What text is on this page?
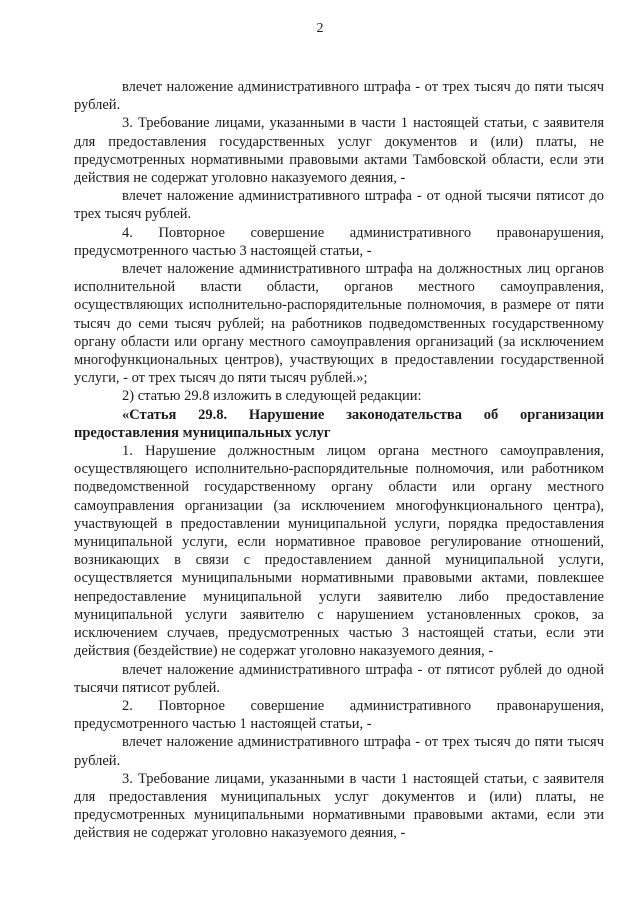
2

влечет наложение административного штрафа - от трех тысяч до пяти тысяч рублей.

3. Требование лицами, указанными в части 1 настоящей статьи, с заявителя для предоставления государственных услуг документов и (или) платы, не предусмотренных нормативными правовыми актами Тамбовской области, если эти действия не содержат уголовно наказуемого деяния, -

влечет наложение административного штрафа - от одной тысячи пятисот до трех тысяч рублей.

4. Повторное совершение административного правонарушения, предусмотренного частью 3 настоящей статьи, -

влечет наложение административного штрафа на должностных лиц органов исполнительной власти области, органов местного самоуправления, осуществляющих исполнительно-распорядительные полномочия, в размере от пяти тысяч до семи тысяч рублей; на работников подведомственных государственному органу области или органу местного самоуправления организаций (за исключением многофункциональных центров), участвующих в предоставлении государственной услуги, - от трех тысяч до пяти тысяч рублей.»;

2) статью 29.8 изложить в следующей редакции:

«Статья 29.8. Нарушение законодательства об организации предоставления муниципальных услуг

1. Нарушение должностным лицом органа местного самоуправления, осуществляющего исполнительно-распорядительные полномочия, или работником подведомственной государственному органу области или органу местного самоуправления организации (за исключением многофункционального центра), участвующей в предоставлении муниципальной услуги, порядка предоставления муниципальной услуги, если нормативное правовое регулирование отношений, возникающих в связи с предоставлением данной муниципальной услуги, осуществляется муниципальными нормативными правовыми актами, повлекшее непредоставление муниципальной услуги заявителю либо предоставление муниципальной услуги заявителю с нарушением установленных сроков, за исключением случаев, предусмотренных частью 3 настоящей статьи, если эти действия (бездействие) не содержат уголовно наказуемого деяния, -

влечет наложение административного штрафа - от пятисот рублей до одной тысячи пятисот рублей.

2. Повторное совершение административного правонарушения, предусмотренного частью 1 настоящей статьи, -

влечет наложение административного штрафа - от трех тысяч до пяти тысяч рублей.

3. Требование лицами, указанными в части 1 настоящей статьи, с заявителя для предоставления муниципальных услуг документов и (или) платы, не предусмотренных муниципальными нормативными правовыми актами, если эти действия не содержат уголовно наказуемого деяния, -
